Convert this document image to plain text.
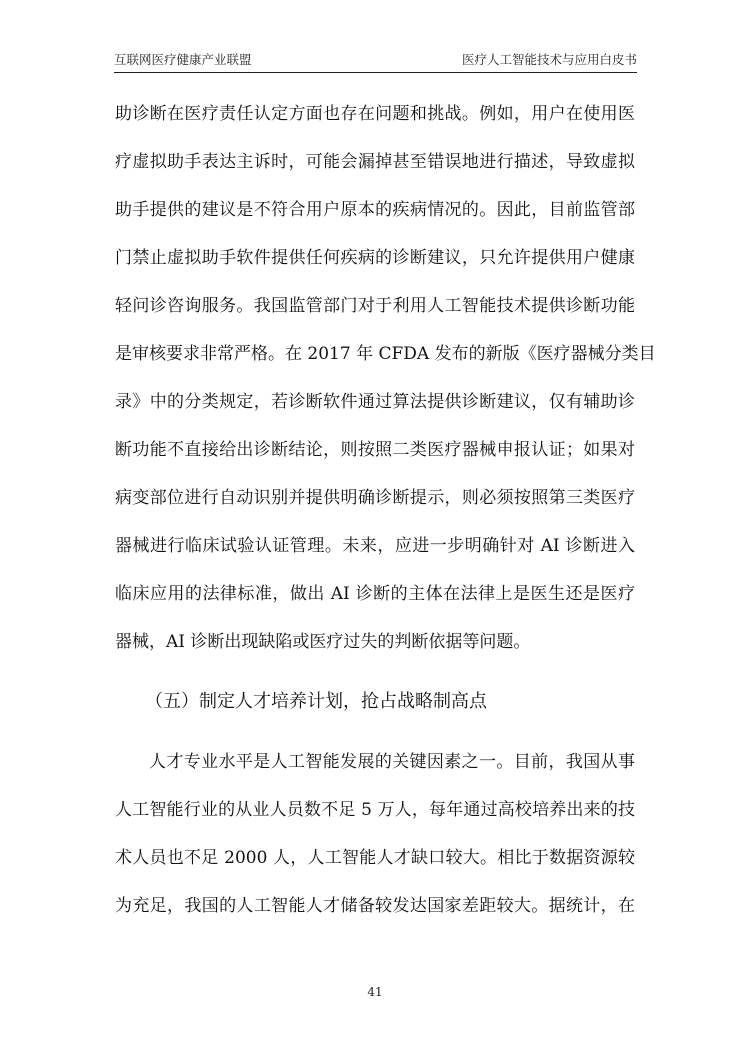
互联网医疗健康产业联盟	医疗人工智能技术与应用白皮书
助诊断在医疗责任认定方面也存在问题和挑战。例如，用户在使用医
疗虚拟助手表达主诉时，可能会漏掉甚至错误地进行描述，导致虚拟
助手提供的建议是不符合用户原本的疾病情况的。因此，目前监管部
门禁止虚拟助手软件提供任何疾病的诊断建议，只允许提供用户健康
轻问诊咨询服务。我国监管部门对于利用人工智能技术提供诊断功能
是审核要求非常严格。在 2017 年 CFDA 发布的新版《医疗器械分类目
录》中的分类规定，若诊断软件通过算法提供诊断建议，仅有辅助诊
断功能不直接给出诊断结论，则按照二类医疗器械申报认证；如果对
病变部位进行自动识别并提供明确诊断提示，则必须按照第三类医疗
器械进行临床试验认证管理。未来，应进一步明确针对 AI 诊断进入
临床应用的法律标准，做出 AI 诊断的主体在法律上是医生还是医疗
器械，AI 诊断出现缺陷或医疗过失的判断依据等问题。
（五）制定人才培养计划，抢占战略制高点
人才专业水平是人工智能发展的关键因素之一。目前，我国从事
人工智能行业的从业人员数不足 5 万人，每年通过高校培养出来的技
术人员也不足 2000 人，人工智能人才缺口较大。相比于数据资源较
为充足，我国的人工智能人才储备较发达国家差距较大。据统计，在
41
